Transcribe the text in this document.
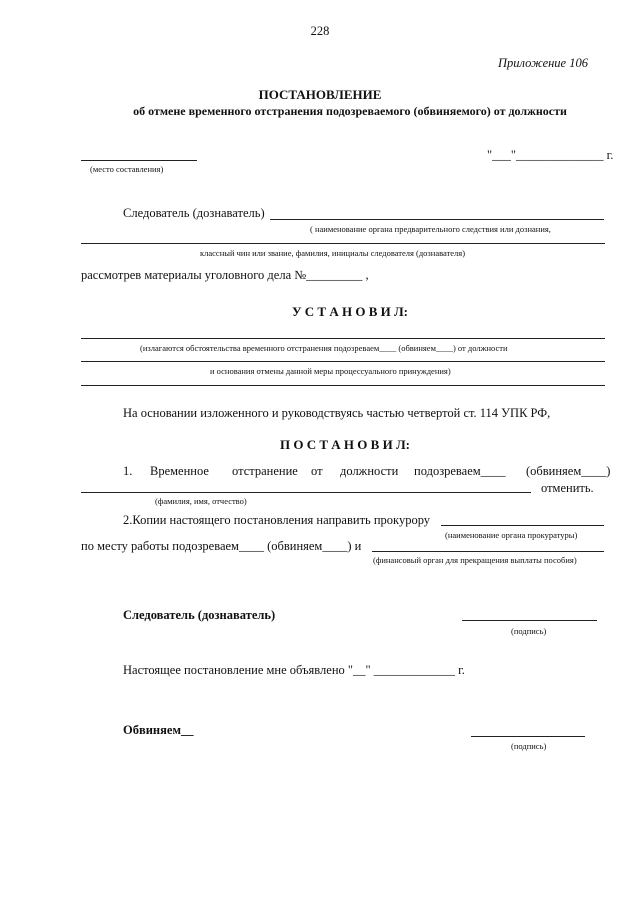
228
Приложение 106
ПОСТАНОВЛЕНИЕ
об отмене временного отстранения подозреваемого (обвиняемого) от должности
(место составления)
"___"______________ г.
Следователь (дознаватель)
( наименование органа предварительного следствия или дознания,
классный чин или звание, фамилия, инициалы следователя (дознавателя)
рассмотрев материалы уголовного дела №_________ ,
У С Т А Н О В И Л:
(излагаются обстоятельства временного отстранения подозреваем____ (обвиняем____) от должности
и основания отмены данной меры процессуального принуждения)
На основании изложенного и руководствуясь частью четвертой ст. 114 УПК РФ,
П О С Т А Н О В И Л:
1. Временное отстранение от должности подозреваем____ (обвиняем____)
отменить.
(фамилия, имя, отчество)
2.Копии настоящего постановления направить прокурору
(наименование органа прокуратуры)
по месту работы подозреваем____ (обвиняем____) и
(финансовый орган для прекращения выплаты пособия)
Следователь (дознаватель)
(подпись)
Настоящее постановление мне объявлено "__" _____________ г.
Обвиняем__
(подпись)
